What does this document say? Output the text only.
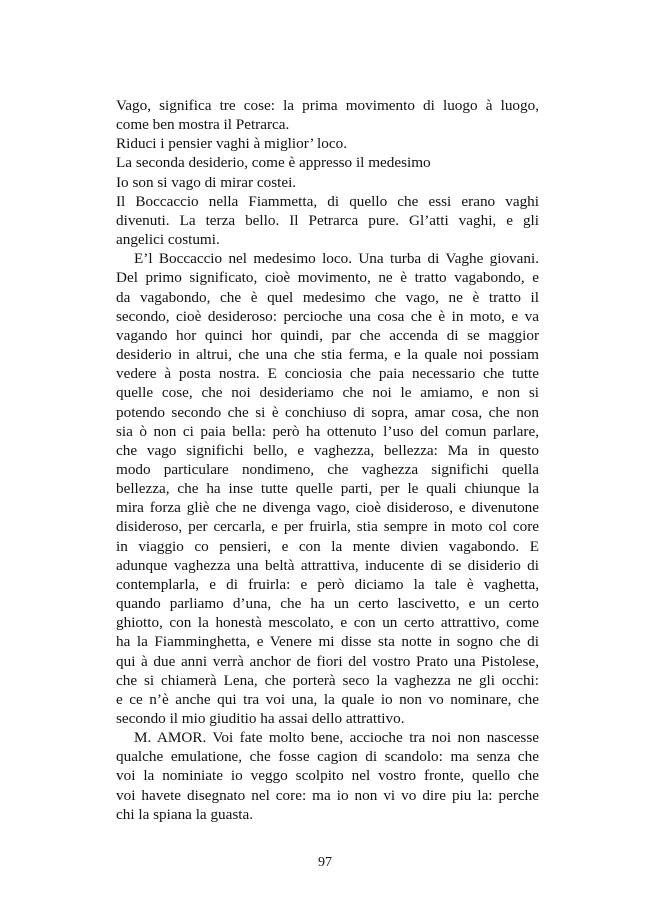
Vago, significa tre cose: la prima movimento di luogo à luogo,
come ben mostra il Petrarca.
Riduci i pensier vaghi à miglior’ loco.
La seconda desiderio, come è appresso il medesimo
Io son si vago di mirar costei.
Il Boccaccio nella Fiammetta, di quello che essi erano vaghi
divenuti. La terza bello. Il Petrarca pure. Gl’atti vaghi, e gli
angelici costumi.
E’l Boccaccio nel medesimo loco. Una turba di Vaghe giovani.
Del primo significato, cioè movimento, ne è tratto vagabondo, e
da vagabondo, che è quel medesimo che vago, ne è tratto il
secondo, cioè desideroso: percioche una cosa che è in moto, e va
vagando hor quinci hor quindi, par che accenda di se maggior
desiderio in altrui, che una che stia ferma, e la quale noi possiam
vedere à posta nostra. E conciosia che paia necessario che tutte
quelle cose, che noi desideriamo che noi le amiamo, e non si
potendo secondo che si è conchiuso di sopra, amar cosa, che non
sia ò non ci paia bella: però ha ottenuto l’uso del comun parlare,
che vago significhi bello, e vaghezza, bellezza: Ma in questo
modo particulare nondimeno, che vaghezza significhi quella
bellezza, che ha inse tutte quelle parti, per le quali chiunque la
mira forza gliè che ne divenga vago, cioè disideroso, e divenutone
disideroso, per cercarla, e per fruirla, stia sempre in moto col core
in viaggio co pensieri, e con la mente divien vagabondo. E
adunque vaghezza una beltà attrattiva, inducente di se disiderio di
contemplarla, e di fruirla: e però diciamo la tale è vaghetta,
quando parliamo d’una, che ha un certo lascivetto, e un certo
ghiotto, con la honestà mescolato, e con un certo attrattivo, come
ha la Fiamminghetta, e Venere mi disse sta notte in sogno che di
qui à due anni verrà anchor de fiori del vostro Prato una Pistolese,
che si chiamerà Lena, che porterà seco la vaghezza ne gli occhi:
e ce n’è anche qui tra voi una, la quale io non vo nominare, che
secondo il mio giuditio ha assai dello attrattivo.
M. AMOR. Voi fate molto bene, accioche tra noi non nascesse
qualche emulatione, che fosse cagion di scandolo: ma senza che
voi la nominiate io veggo scolpito nel vostro fronte, quello che
voi havete disegnato nel core: ma io non vi vo dire piu la: perche
chi la spiana la guasta.
97
